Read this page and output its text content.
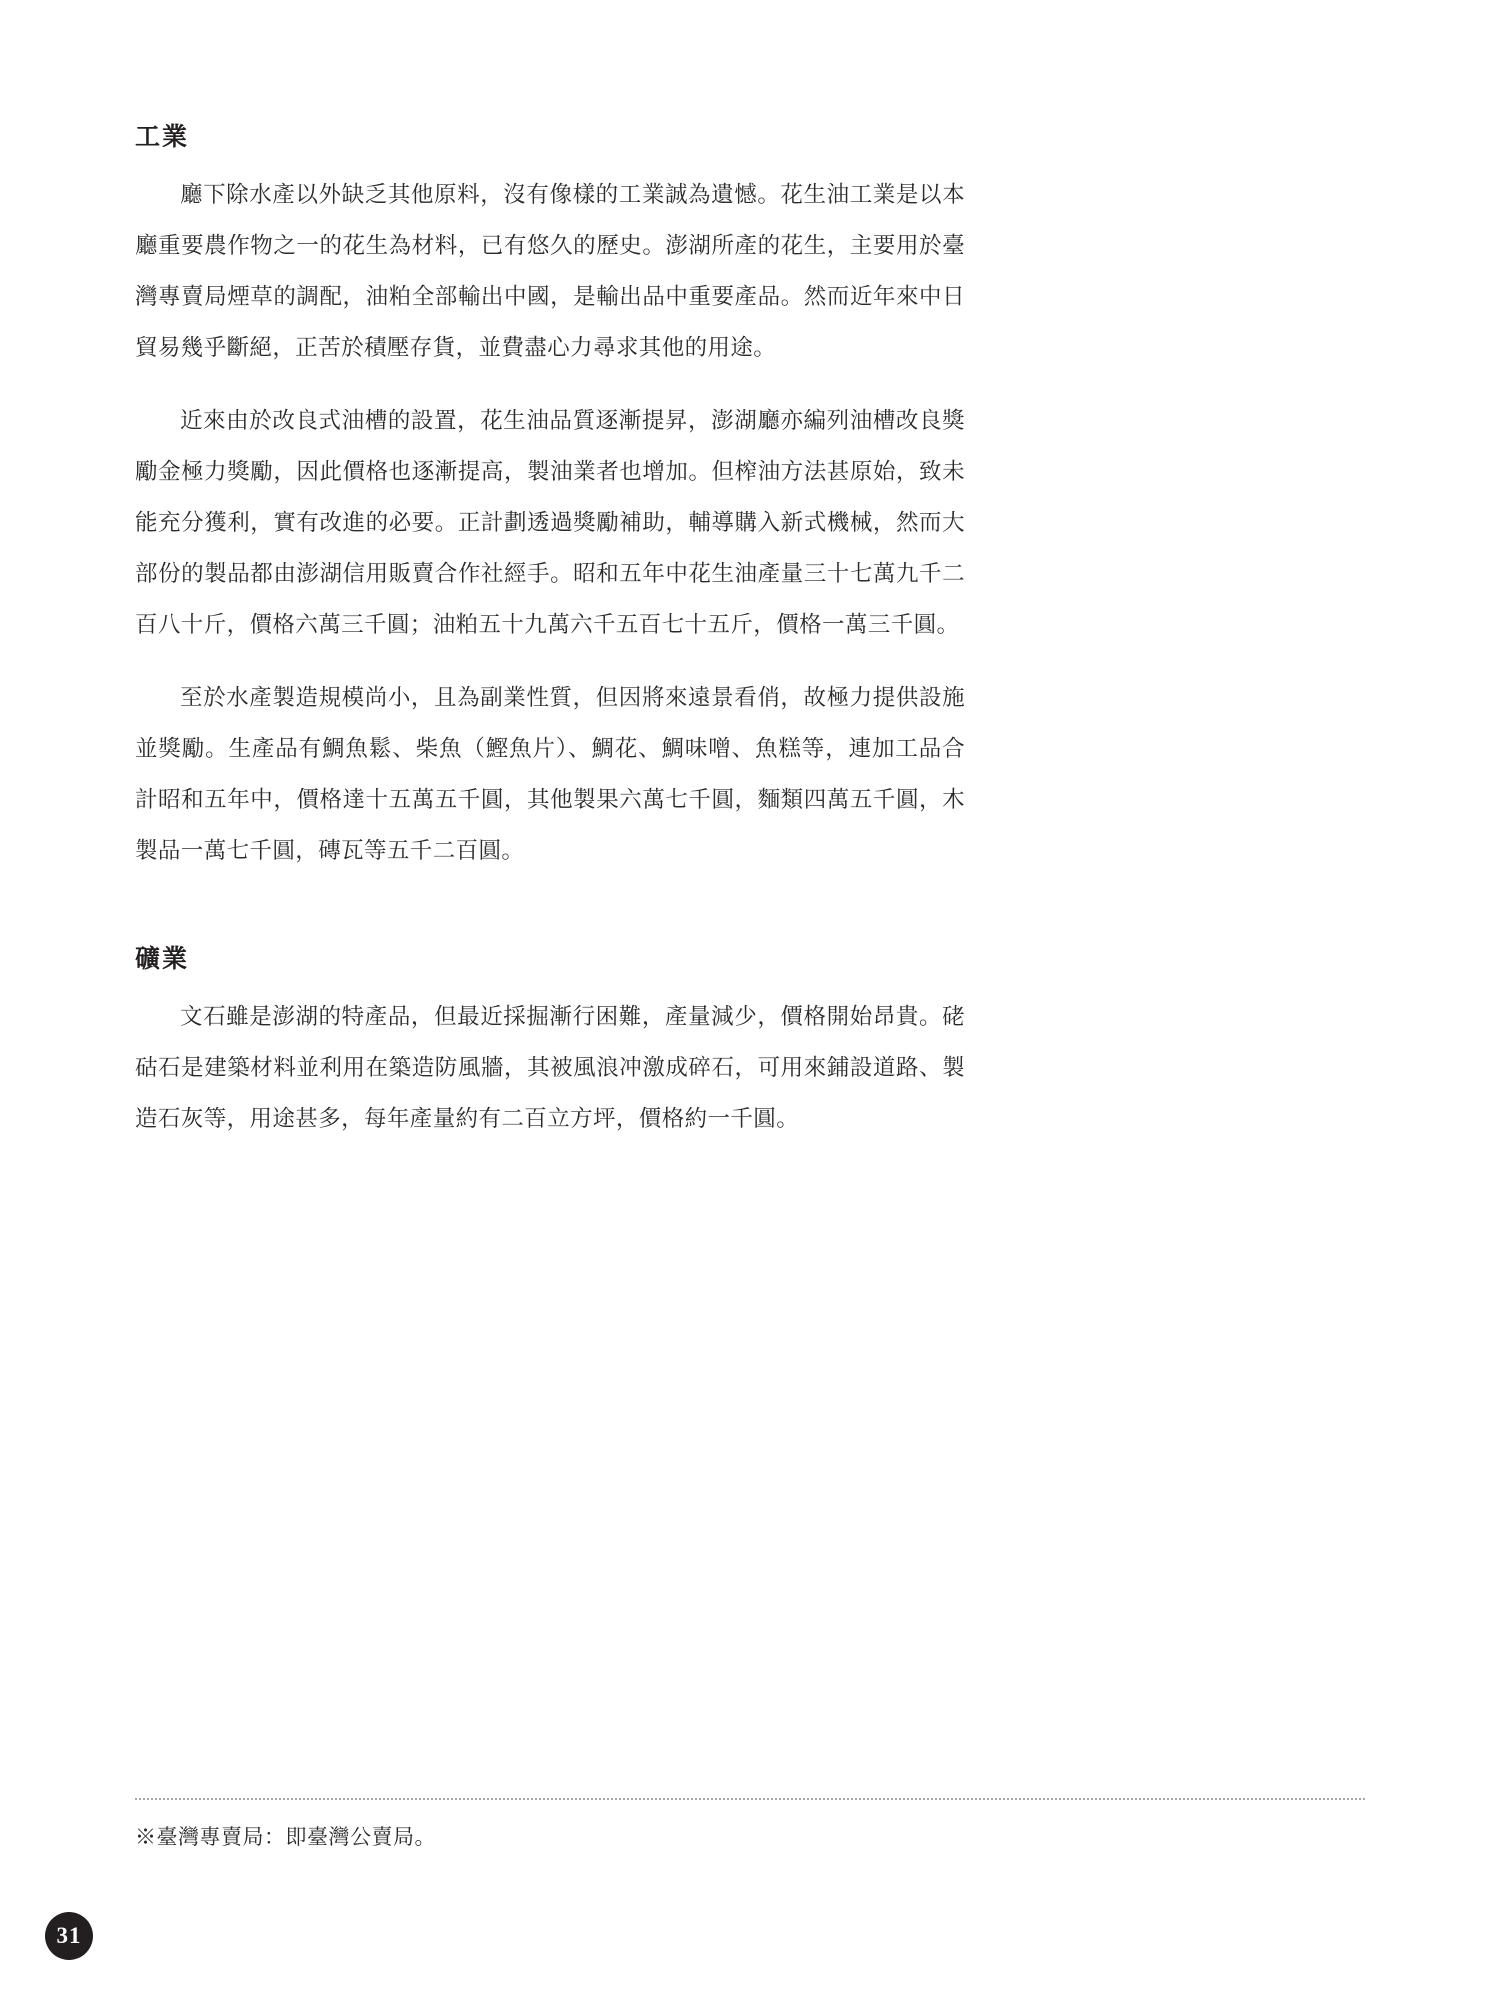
工業

廳下除水產以外缺乏其他原料，沒有像樣的工業誠為遺憾。花生油工業是以本廳重要農作物之一的花生為材料，已有悠久的歷史。澎湖所產的花生，主要用於臺灣專賣局煙草的調配，油粕全部輸出中國，是輸出品中重要產品。然而近年來中日貿易幾乎斷絕，正苦於積壓存貨，並費盡心力尋求其他的用途。

近來由於改良式油槽的設置，花生油品質逐漸提昇，澎湖廳亦編列油槽改良獎勵金極力獎勵，因此價格也逐漸提高，製油業者也增加。但榨油方法甚原始，致未能充分獲利，實有改進的必要。正計劃透過獎勵補助，輔導購入新式機械，然而大部份的製品都由澎湖信用販賣合作社經手。昭和五年中花生油產量三十七萬九千二百八十斤，價格六萬三千圓；油粕五十九萬六千五百七十五斤，價格一萬三千圓。

至於水產製造規模尚小，且為副業性質，但因將來遠景看俏，故極力提供設施並獎勵。生產品有鯛魚鬆、柴魚（鰹魚片）、鯛花、鯛味噌、魚糕等，連加工品合計昭和五年中，價格達十五萬五千圓，其他製果六萬七千圓，麵類四萬五千圓，木製品一萬七千圓，磚瓦等五千二百圓。

礦業

文石雖是澎湖的特產品，但最近採掘漸行困難，產量減少，價格開始昂貴。硓𥑮石是建築材料並利用在築造防風牆，其被風浪冲激成碎石，可用來鋪設道路、製造石灰等，用途甚多，每年產量約有二百立方坪，價格約一千圓。

※臺灣專賣局：即臺灣公賣局。
31
